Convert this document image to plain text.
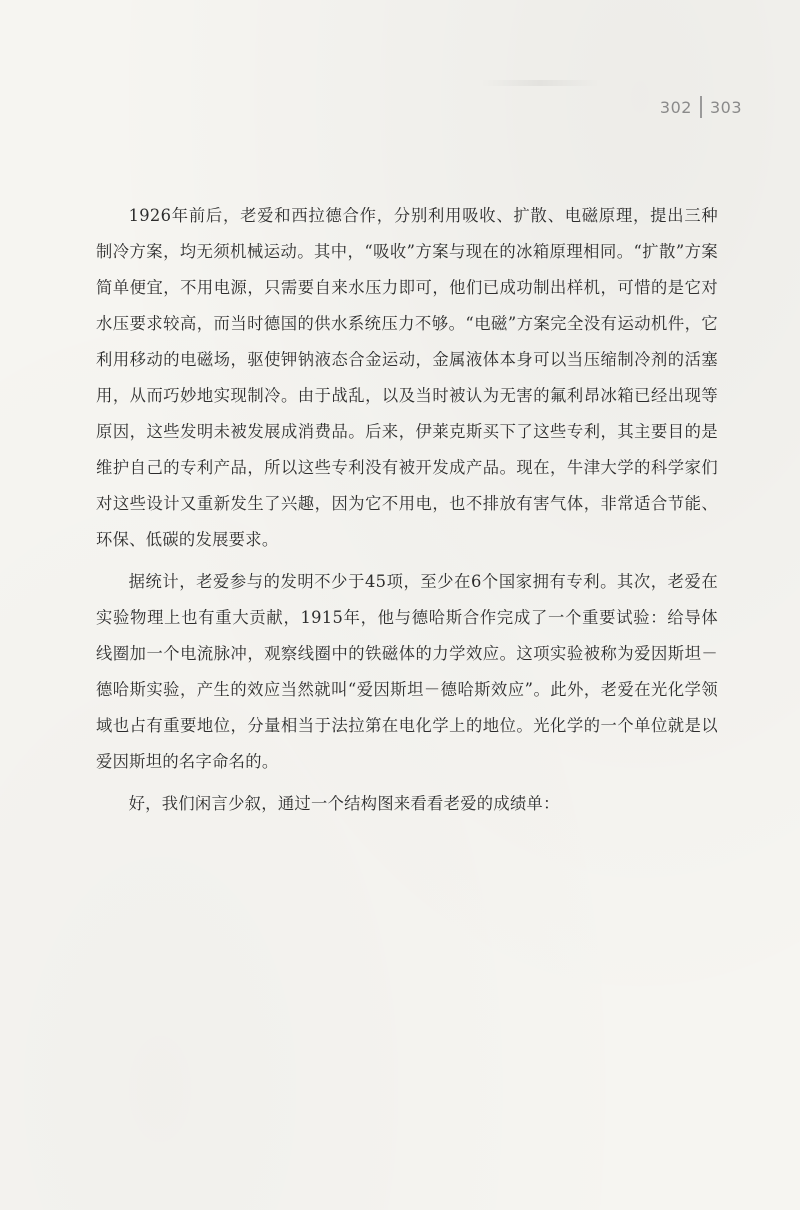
302 303

1926年前后，老爱和西拉德合作，分别利用吸收、扩散、电磁原理，提出三种制冷方案，均无须机械运动。其中，“吸收”方案与现在的冰箱原理相同。“扩散”方案简单便宜，不用电源，只需要自来水压力即可，他们已成功制出样机，可惜的是它对水压要求较高，而当时德国的供水系统压力不够。“电磁”方案完全没有运动机件，它利用移动的电磁场，驱使钾钠液态合金运动，金属液体本身可以当压缩制冷剂的活塞用，从而巧妙地实现制冷。由于战乱，以及当时被认为无害的氟利昂冰箱已经出现等原因，这些发明未被发展成消费品。后来，伊莱克斯买下了这些专利，其主要目的是维护自己的专利产品，所以这些专利没有被开发成产品。现在，牛津大学的科学家们对这些设计又重新发生了兴趣，因为它不用电，也不排放有害气体，非常适合节能、环保、低碳的发展要求。

据统计，老爱参与的发明不少于45项，至少在6个国家拥有专利。其次，老爱在实验物理上也有重大贡献，1915年，他与德哈斯合作完成了一个重要试验：给导体线圈加一个电流脉冲，观察线圈中的铁磁体的力学效应。这项实验被称为爱因斯坦－德哈斯实验，产生的效应当然就叫“爱因斯坦－德哈斯效应”。此外，老爱在光化学领域也占有重要地位，分量相当于法拉第在电化学上的地位。光化学的一个单位就是以爱因斯坦的名字命名的。

好，我们闲言少叙，通过一个结构图来看看老爱的成绩单：
